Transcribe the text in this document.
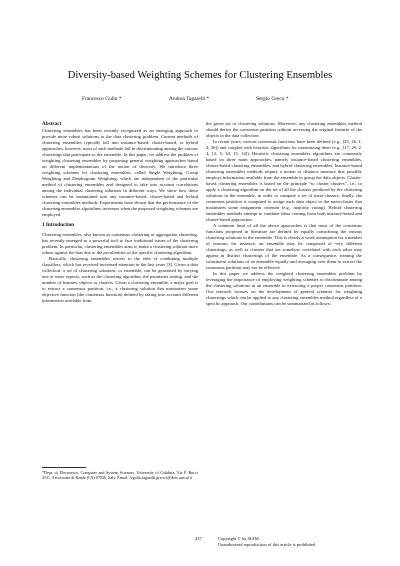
Diversity-based Weighting Schemes for Clustering Ensembles
Francesco Gullo *	Andrea Tagarelli *	Sergio Greco *
Abstract

Clustering ensembles has been recently recognized as an emerging approach to provide more robust solutions to the data clustering problem. Current methods of clustering ensembles typically fall into instance-based, cluster-based, or hybrid approaches; however, most of such methods fail in discriminating among the various clusterings that participate to the ensemble. In this paper, we address the problem of weighting clustering ensembles by proposing general weighting approaches based on different implementations of the notion of diversity. We introduce three weighting schemes for clustering ensembles, called Single Weighting, Group Weighting and Dendrogram Weighting, which are independent of the particular method of clustering ensembles and designed to take into account correlations among the individual clustering solutions in different ways. We show how these schemes can be instantiated into any instance-based, cluster-based and hybrid clustering ensembles methods. Experiments have shown that the performance of the clustering ensembles algorithms increases when the proposed weighting schemes are employed.

1 Introduction

Clustering ensembles, also known as consensus clustering or aggregation clustering, has recently emerged as a powerful tool to face traditional issues of the clustering problem. In particular, clustering ensembles aims to make a clustering solution more robust against the bias due to the peculiarities of the specific clustering algorithm.

Basically, clustering ensembles resorts to the idea of combining multiple classifiers, which has received increased attention in the last years [3]. Given a data collection, a set of clustering solutions, or ensemble, can be generated by varying one or more aspects, such as the clustering algorithm, the parameter setting, and the number of features, objects or clusters. Given a clustering ensemble, a major goal is to extract a consensus partition, i.e., a clustering solution that maximizes some objective function (the consensus function) defined by taking into account different information available from

the given set of clustering solutions. Moreover, any clustering ensembles method should derive the consensus partition without accessing the original features of the objects in the data collection.

In recent years, various consensus functions have been defined (e.g., [25, 26, 1, 4, 30]) and coupled with heuristic algorithms for maximizing them (e.g., [17, 29, 2, 4, 12, 5, 34, 15, 14]). Heuristic clustering ensembles algorithms are commonly based on three main approaches, namely instance-based clustering ensembles, cluster-based clustering ensembles, and hybrid clustering ensembles. Instance-based clustering ensembles methods require a notion of distance measure that possibly employs information available from the ensemble to group the data objects. Cluster-based clustering ensembles is based on the principle “to cluster clusters”, i.e., to apply a clustering algorithm on the set of all the clusters produced by the clustering solutions in the ensemble, in order to compute a set of meta-clusters; finally, the consensus partition is computed to assign each data object to the meta-cluster that maximizes some assignment criterion (e.g., majority voting). Hybrid clustering ensembles methods attempt to combine ideas coming from both instance-based and cluster-based approaches.

A common limit of all the above approaches is that most of the consensus functions proposed in literature are defined by equally considering the various clustering solutions in the ensemble. This is clearly a weak assumption for a number of reasons; for instance, an ensemble may be comprised of very different clusterings, as well as clusters that are somehow correlated with each other may appear in distinct clusterings of the ensemble. As a consequence, treating the constituent solutions of an ensemble equally and averaging over them to extract the consensus partition may not be effective.

In this paper we address the weighted clustering ensembles problem by leveraging the importance of employing weighting schemes to discriminate among the clustering solutions in an ensemble in extracting a proper consensus partition. Our research focuses on the development of general schemes for weighting clusterings which can be applied to any clustering ensembles method regardless of a specific approach. Our contributions can be summarized as follows:

*Dept. of Electronics, Computer and System Sciences, University of Calabria, Via P. Bucci 41/C, Arcavacata di Rende (CS) 87036, Italy. Email: {fgullo,tagarelli,greco}@deis.unical.it
437	Copyright © by SIAM.
Unauthorized reproduction of this article is prohibited
